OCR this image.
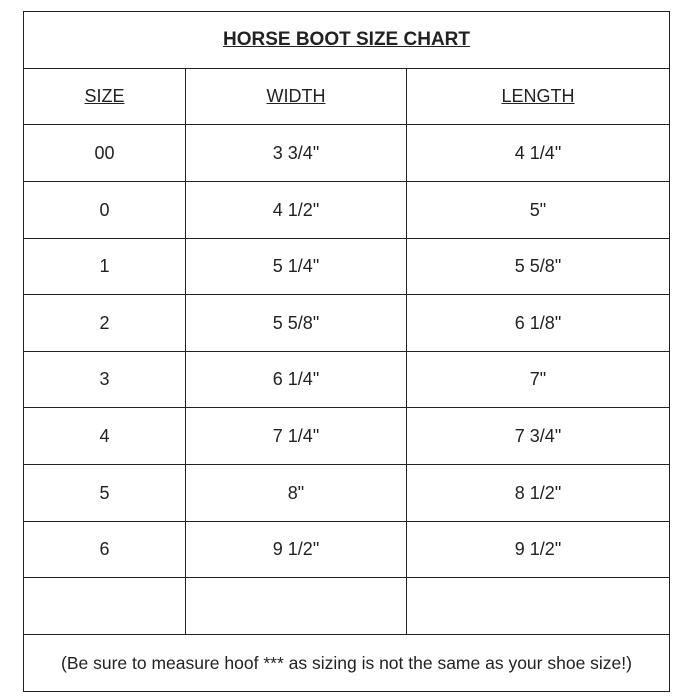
HORSE BOOT SIZE CHART
SIZE	WIDTH	LENGTH
00	3 3/4"	4 1/4"
0	4 1/2"	5"
1	5 1/4"	5 5/8"
2	5 5/8"	6 1/8"
3	6 1/4"	7"
4	7 1/4"	7 3/4"
5	8"	8 1/2"
6	9 1/2"	9 1/2"
(Be sure to measure hoof *** as sizing is not the same as your shoe size!)
